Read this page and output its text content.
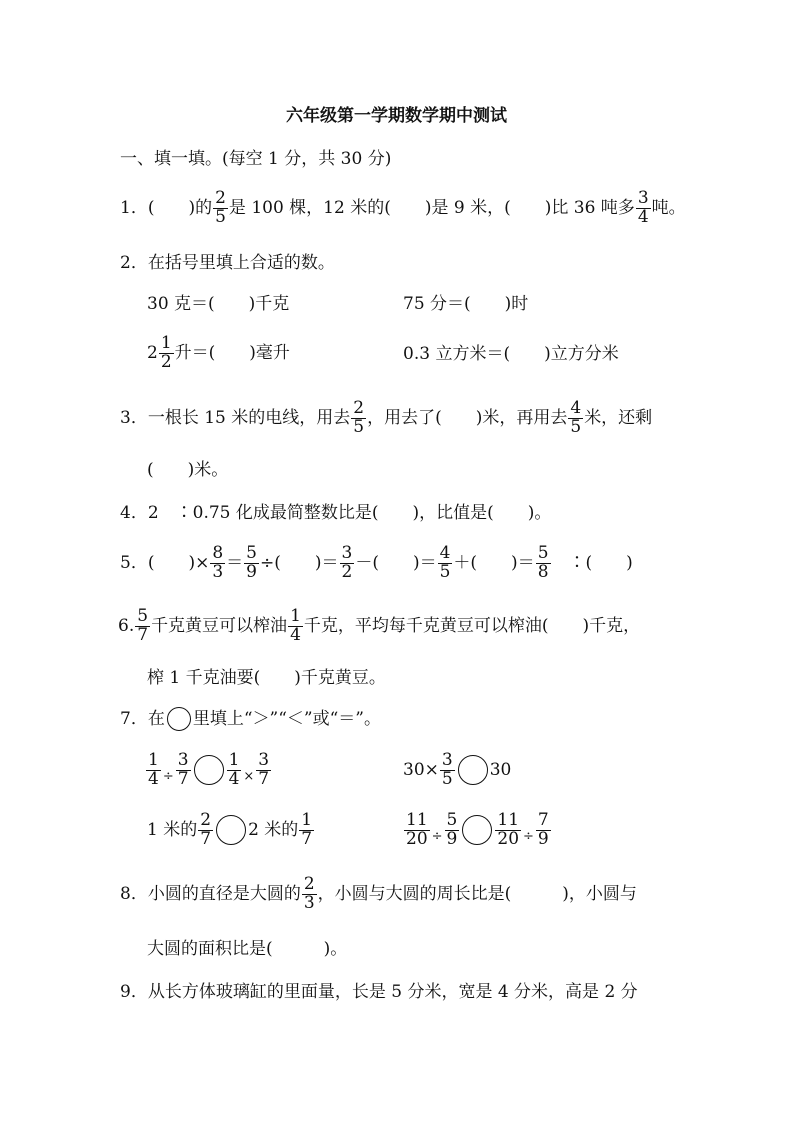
六年级第一学期数学期中测试
一、填一填。(每空 1 分，共 30 分)
1．(　　)的 $\frac{2}{5}$ 是 100 棵，12 米的(　　)是 9 米，(　　)比 36 吨多 $\frac{3}{4}$ 吨。
2．在括号里填上合适的数。
30 克＝(　　)千克	75 分＝(　　)时
$2 \frac{1}{2}$ 升＝(　　)毫升	0.3 立方米＝(　　)立方分米
3．一根长 15 米的电线，用去 $\frac{2}{5}$ ，用去了(　　)米，再用去 $\frac{4}{5}$ 米，还剩
(　　)米。
4．2　∶0.75 化成最简整数比是(　　)，比值是(　　)。
5．(　　)× $\frac{8}{3} = \frac{5}{9}$ ÷(　　)＝ $\frac{3}{2}$ －(　　)＝ $\frac{4}{5}$ ＋(　　)＝ $\frac{5}{8}$ 　∶(　　)
6. $\frac{5}{7}$ 千克黄豆可以榨油 $\frac{1}{4}$ 千克，平均每千克黄豆可以榨油(　　)千克，
榨 1 千克油要(　　)千克黄豆。
7．在 里填上“＞”“＜”或“＝”。
$\frac{1}{4} \div \frac{3}{7} \frac{1}{4} \times \frac{3}{7}$	$30\times \frac{3}{5} 30$
1 米的 $\frac{2}{7} 2$ 米的 $\frac{1}{7}$	$\frac{11}{20} \div \frac{5}{9} \frac{11}{20} \div \frac{7}{9}$
8．小圆的直径是大圆的 $\frac{2}{3}$ ，小圆与大圆的周长比是(　　　)，小圆与
大圆的面积比是(　　　)。
9．从长方体玻璃缸的里面量，长是 5 分米，宽是 4 分米，高是 2 分
